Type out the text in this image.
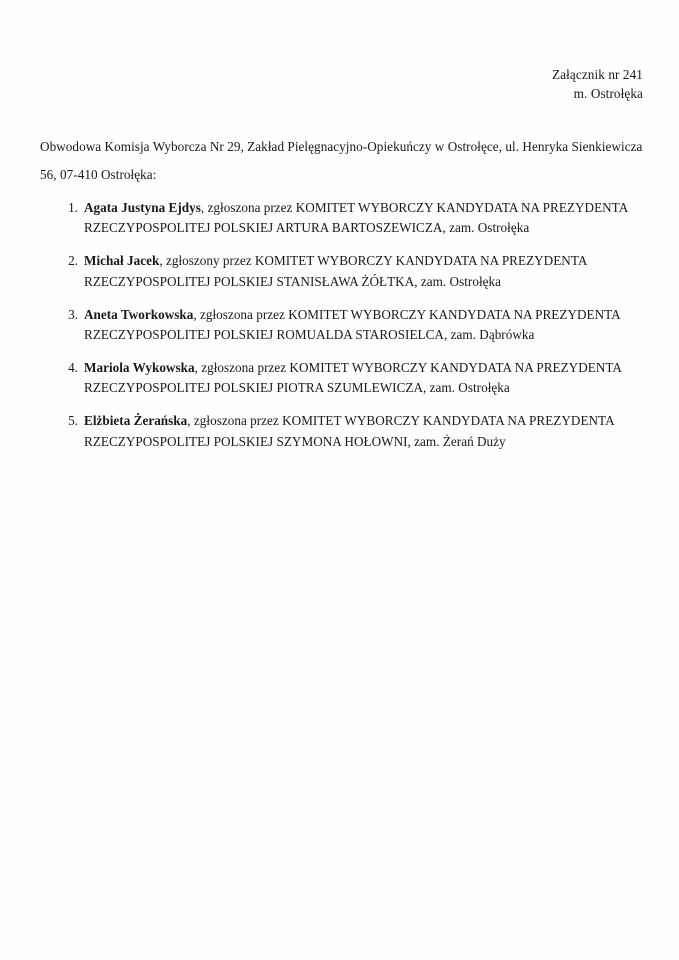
Załącznik nr 241
m. Ostrołęka

Obwodowa Komisja Wyborcza Nr 29, Zakład Pielęgnacyjno-Opiekuńczy w Ostrołęce, ul. Henryka Sienkiewicza 56, 07-410 Ostrołęka:

1. Agata Justyna Ejdys, zgłoszona przez KOMITET WYBORCZY KANDYDATA NA PREZYDENTA RZECZYPOSPOLITEJ POLSKIEJ ARTURA BARTOSZEWICZA, zam. Ostrołęka
2. Michał Jacek, zgłoszony przez KOMITET WYBORCZY KANDYDATA NA PREZYDENTA RZECZYPOSPOLITEJ POLSKIEJ STANISŁAWA ŻÓŁTKA, zam. Ostrołęka
3. Aneta Tworkowska, zgłoszona przez KOMITET WYBORCZY KANDYDATA NA PREZYDENTA RZECZYPOSPOLITEJ POLSKIEJ ROMUALDA STAROSIELCA, zam. Dąbrówka
4. Mariola Wykowska, zgłoszona przez KOMITET WYBORCZY KANDYDATA NA PREZYDENTA RZECZYPOSPOLITEJ POLSKIEJ PIOTRA SZUMLEWICZA, zam. Ostrołęka
5. Elżbieta Żerańska, zgłoszona przez KOMITET WYBORCZY KANDYDATA NA PREZYDENTA RZECZYPOSPOLITEJ POLSKIEJ SZYMONA HOŁOWNI, zam. Żerań Duży
